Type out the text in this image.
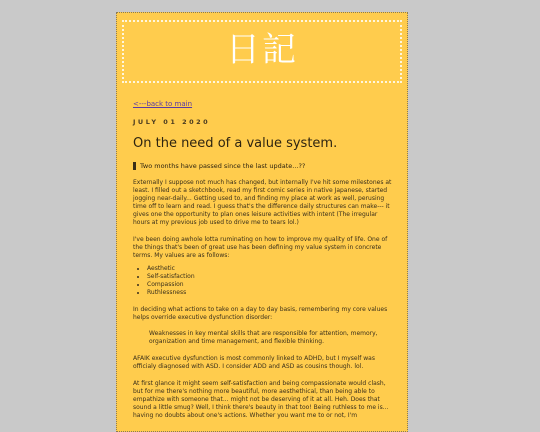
日記
<---back to main
JULY 01 2020
On the need of a value system.
Two months have passed since the last update...??
Externally I suppose not much has changed, but internally I've hit some milestones at least. I filled out a sketchbook, read my first comic series in native Japanese, started jogging near-daily... Getting used to, and finding my place at work as well, perusing time off to learn and read. I guess that's the difference daily structures can make--- it gives one the opportunity to plan ones leisure activities with intent (The irregular hours at my previous job used to drive me to tears lol.)
I've been doing awhole lotta ruminating on how to improve my quality of life. One of the things that's been of great use has been defining my value system in concrete terms. My values are as follows:
• Aesthetic
• Self-satisfaction
• Compassion
• Ruthlessness
In deciding what actions to take on a day to day basis, remembering my core values helps override executive dysfunction disorder:
Weaknesses in key mental skills that are responsible for attention, memory, organization and time management, and flexible thinking.
AFAIK executive dysfunction is most commonly linked to ADHD, but I myself was officialy diagnosed with ASD. I consider ADD and ASD as cousins though. lol.
At first glance it might seem self-satisfaction and being compassionate would clash, but for me there's nothing more beautiful, more aesthethical, than being able to empathize with someone that... might not be deserving of it at all. Heh. Does that sound a little smug? Well, I think there's beauty in that too! Being ruthless to me is... having no doubts about one's actions. Whether you want me to or not, I'm
